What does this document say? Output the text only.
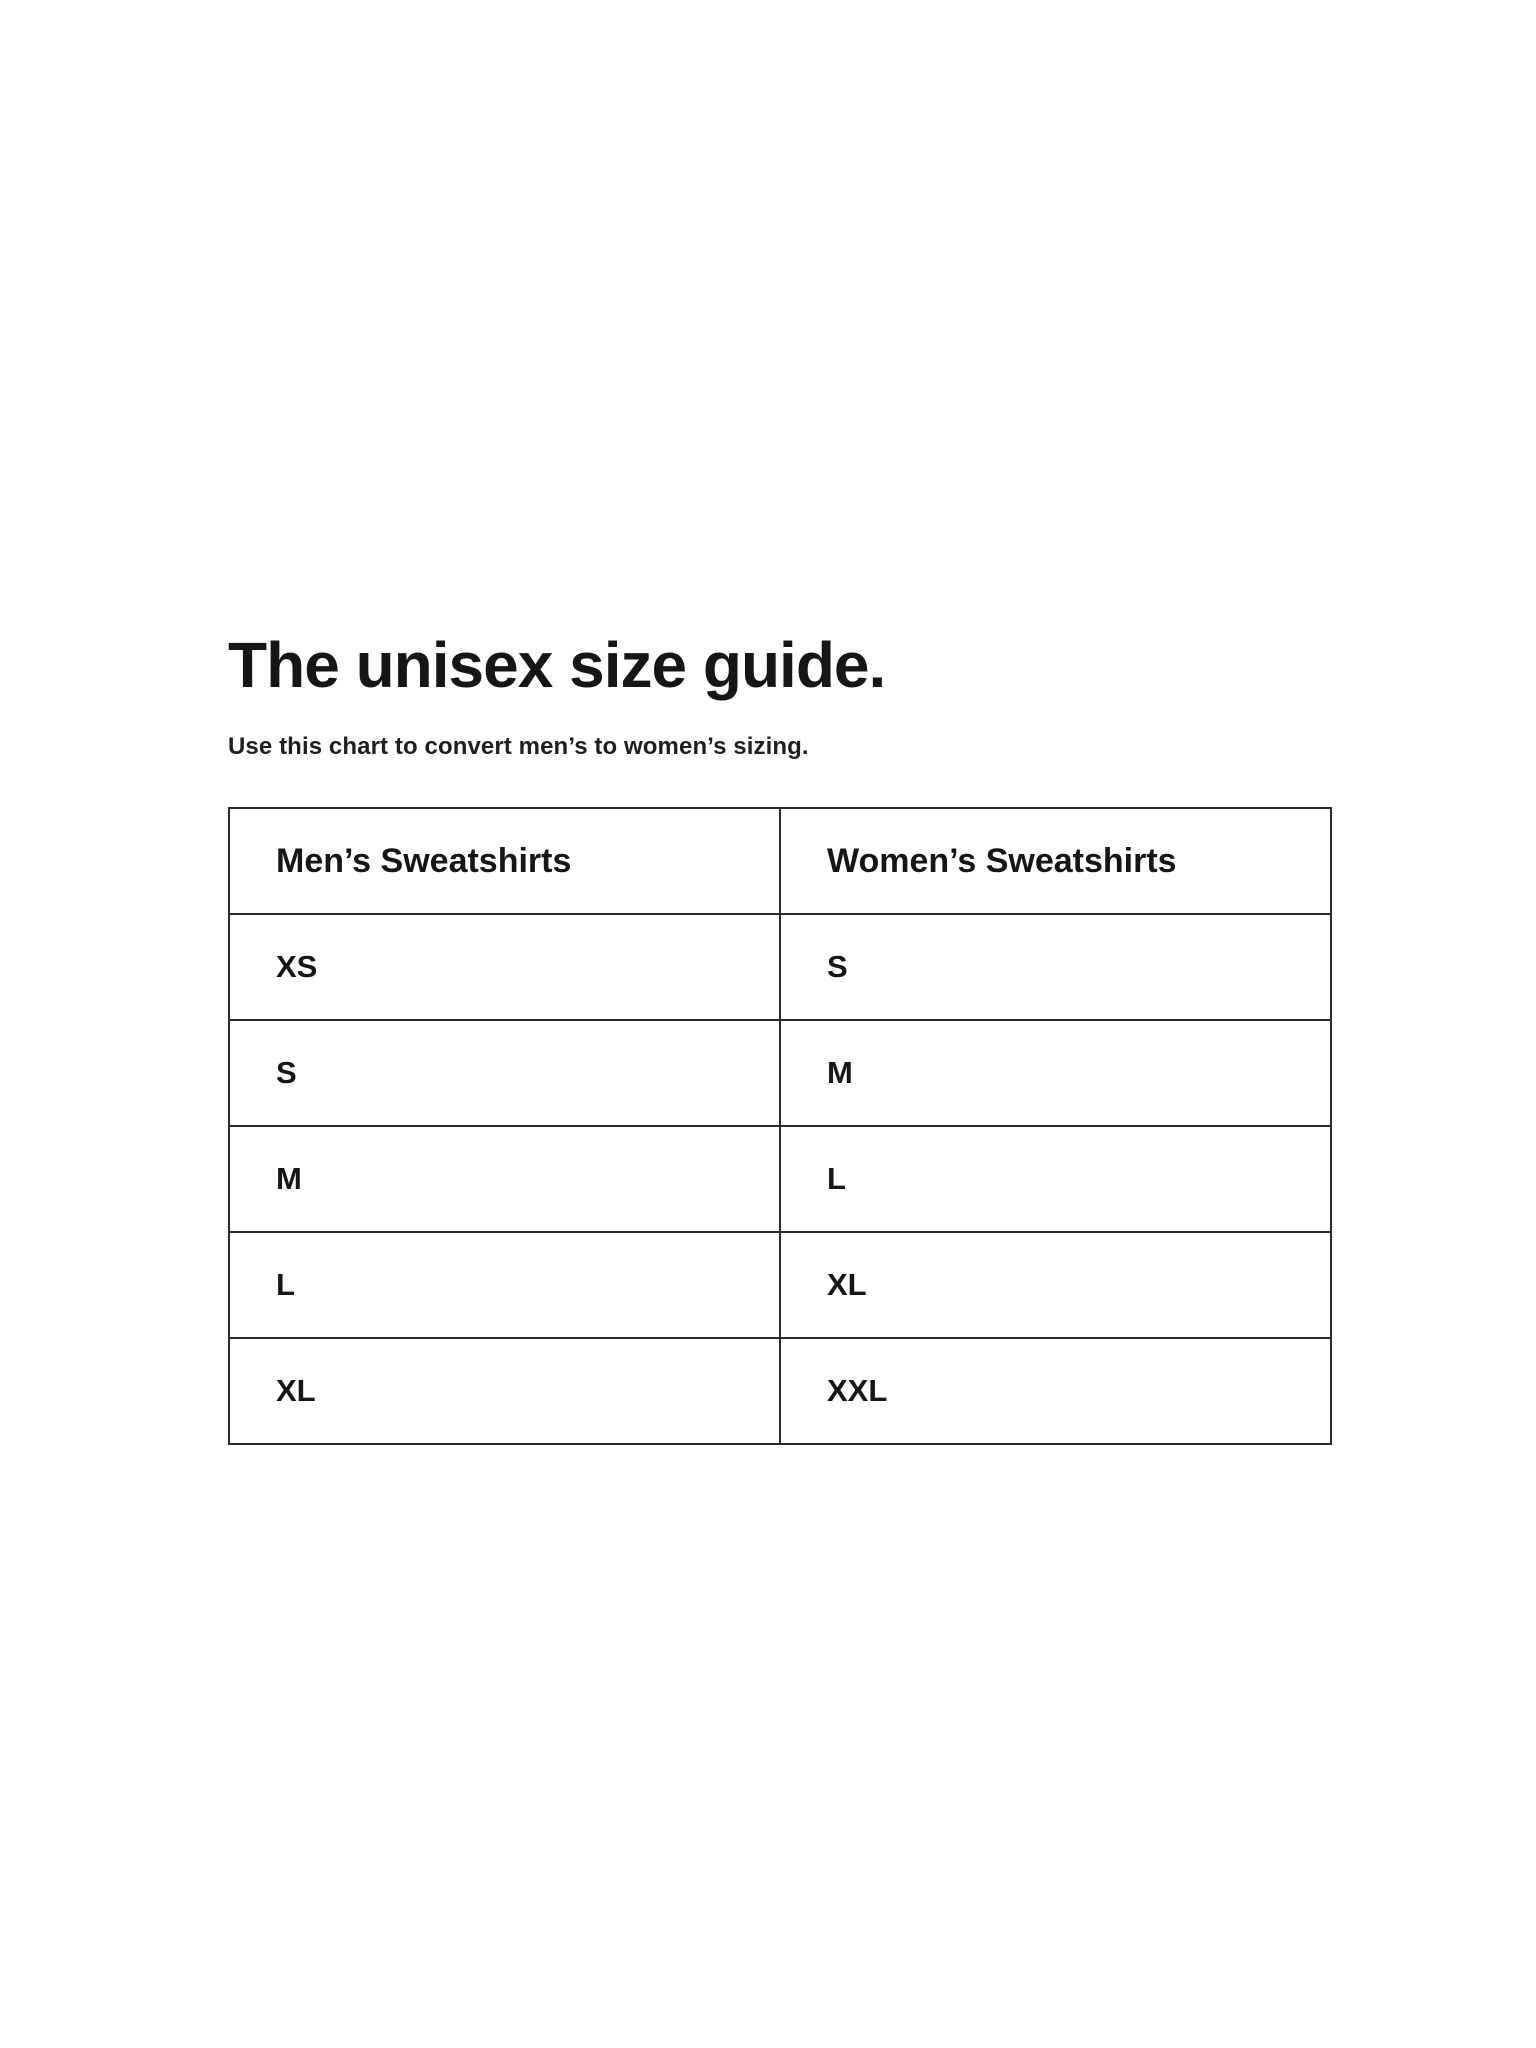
The unisex size guide.

Use this chart to convert men’s to women’s sizing.

Men’s Sweatshirts	Women’s Sweatshirts
XS	S
S	M
M	L
L	XL
XL	XXL
